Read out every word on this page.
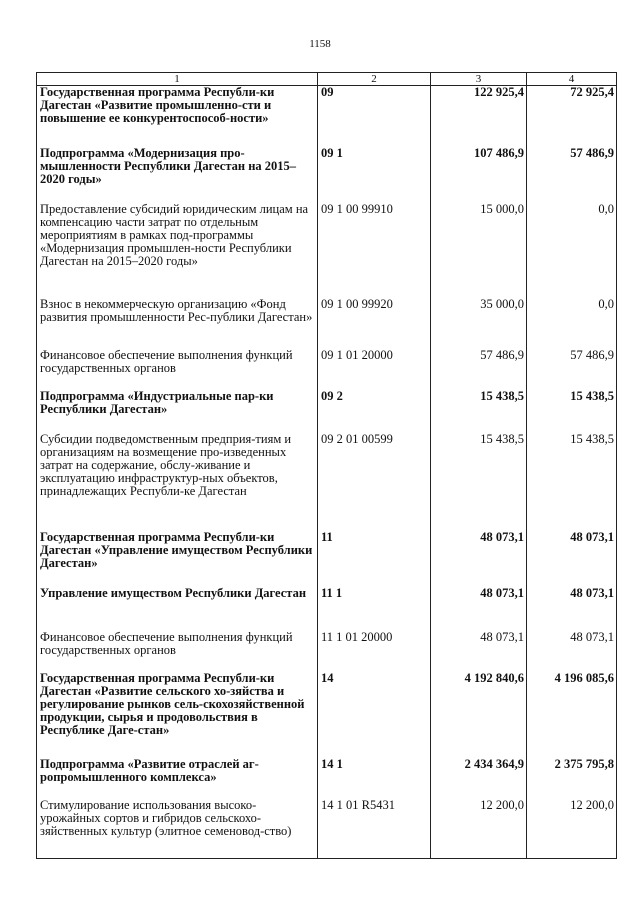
1158
1	2	3	4
Государственная программа Республи-ки Дагестан «Развитие промышленно-сти и повышение ее конкурентоспособ-ности»	09	122 925,4	72 925,4
Подпрограмма «Модернизация про-мышленности Республики Дагестан на 2015–2020 годы»	09 1	107 486,9	57 486,9
Предоставление субсидий юридическим лицам на компенсацию части затрат по отдельным мероприятиям в рамках под-программы «Модернизация промышлен-ности Республики Дагестан на 2015–2020 годы»	09 1 00 99910	15 000,0	0,0
Взнос в некоммерческую организацию «Фонд развития промышленности Рес-публики Дагестан»	09 1 00 99920	35 000,0	0,0
Финансовое обеспечение выполнения функций государственных органов	09 1 01 20000	57 486,9	57 486,9
Подпрограмма «Индустриальные пар-ки Республики Дагестан»	09 2	15 438,5	15 438,5
Субсидии подведомственным предприя-тиям и организациям на возмещение про-изведенных затрат на содержание, обслу-живание и эксплуатацию инфраструктур-ных объектов, принадлежащих Республи-ке Дагестан	09 2 01 00599	15 438,5	15 438,5
Государственная программа Республи-ки Дагестан «Управление имуществом Республики Дагестан»	11	48 073,1	48 073,1
Управление имуществом Республики Дагестан	11 1	48 073,1	48 073,1
Финансовое обеспечение выполнения функций государственных органов	11 1 01 20000	48 073,1	48 073,1
Государственная программа Республи-ки Дагестан «Развитие сельского хо-зяйства и регулирование рынков сель-скохозяйственной продукции, сырья и продовольствия в Республике Даге-стан»	14	4 192 840,6	4 196 085,6
Подпрограмма «Развитие отраслей аг-ропромышленного комплекса»	14 1	2 434 364,9	2 375 795,8
Стимулирование использования высоко-урожайных сортов и гибридов сельскохо-зяйственных культур (элитное семеновод-ство)	14 1 01 R5431	12 200,0	12 200,0
